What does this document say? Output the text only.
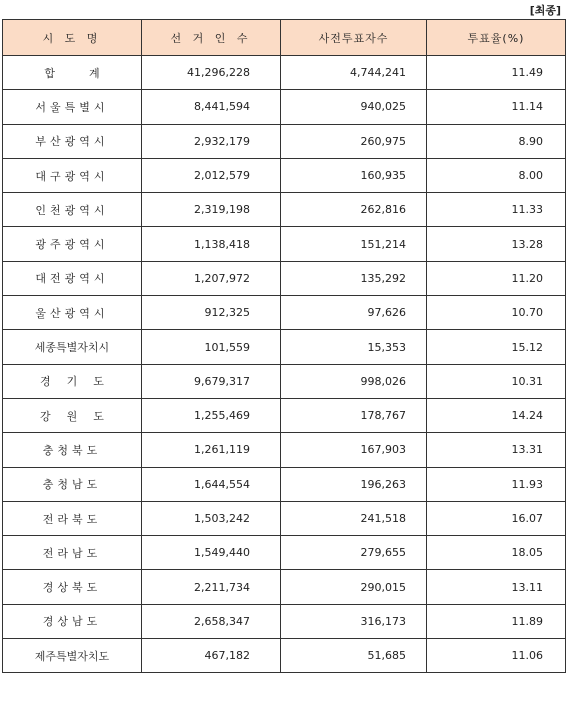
[최종]
시 도 명	선 거 인 수	사전투표자수	투표율(%)
합계	41,296,228	4,744,241	11.49
서울특별시	8,441,594	940,025	11.14
부산광역시	2,932,179	260,975	8.90
대구광역시	2,012,579	160,935	8.00
인천광역시	2,319,198	262,816	11.33
광주광역시	1,138,418	151,214	13.28
대전광역시	1,207,972	135,292	11.20
울산광역시	912,325	97,626	10.70
세종특별자치시	101,559	15,353	15.12
경기도	9,679,317	998,026	10.31
강원도	1,255,469	178,767	14.24
충청북도	1,261,119	167,903	13.31
충청남도	1,644,554	196,263	11.93
전라북도	1,503,242	241,518	16.07
전라남도	1,549,440	279,655	18.05
경상북도	2,211,734	290,015	13.11
경상남도	2,658,347	316,173	11.89
제주특별자치도	467,182	51,685	11.06
